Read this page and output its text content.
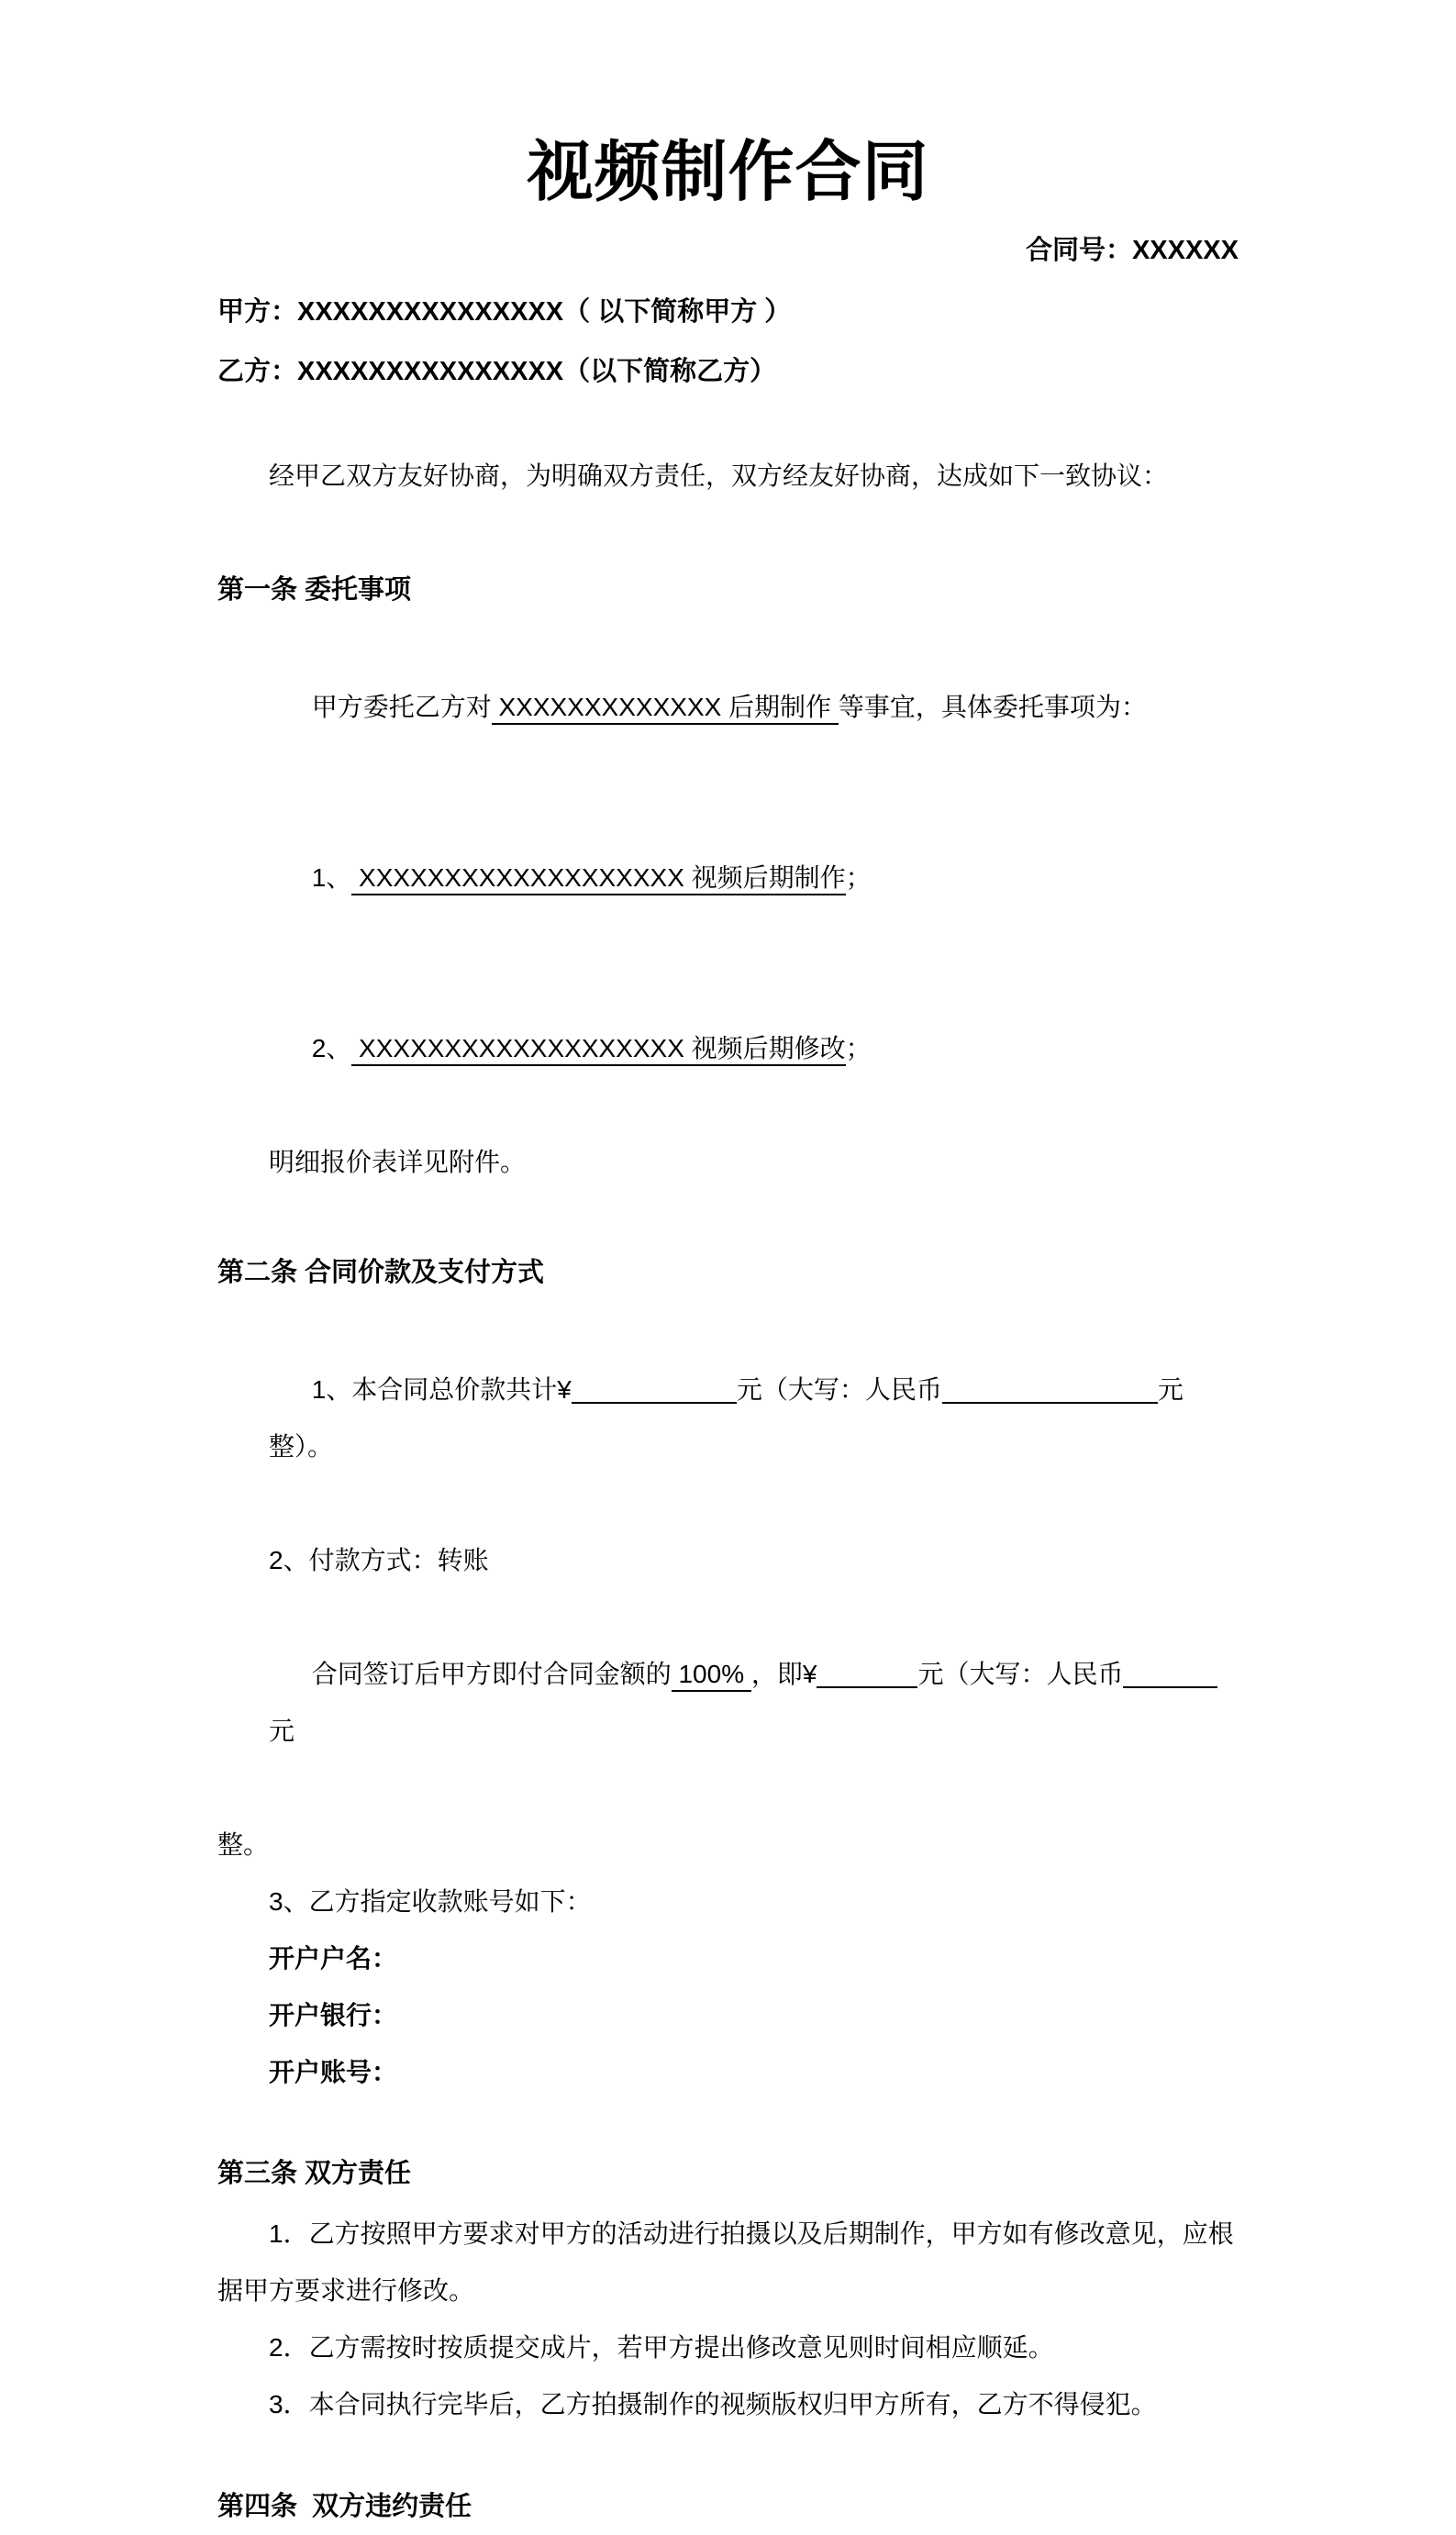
视频制作合同
合同号：XXXXXX
甲方：XXXXXXXXXXXXXXX（ 以下简称甲方 ）
乙方：XXXXXXXXXXXXXXX（以下简称乙方）
经甲乙双方友好协商，为明确双方责任，双方经友好协商，达成如下一致协议：
第一条 委托事项

甲方委托乙方对 XXXXXXXXXXXXX 后期制作 等事宜，具体委托事项为：

1、 XXXXXXXXXXXXXXXXXXX 视频后期制作；

2、 XXXXXXXXXXXXXXXXXXX 视频后期修改；

明细报价表详见附件。
第二条 合同价款及支付方式

1、本合同总价款共计¥	元（大写：人民币	元整）。

2、付款方式：转账

合同签订后甲方即付合同金额的 100% ，即¥	元（大写：人民币元

整。
3、乙方指定收款账号如下：
开户户名：
开户银行：
开户账号：
第三条 双方责任
1．乙方按照甲方要求对甲方的活动进行拍摄以及后期制作，甲方如有修改意见，应根
据甲方要求进行修改。
2．乙方需按时按质提交成片，若甲方提出修改意见则时间相应顺延。
3．本合同执行完毕后，乙方拍摄制作的视频版权归甲方所有，乙方不得侵犯。
第四条  双方违约责任
